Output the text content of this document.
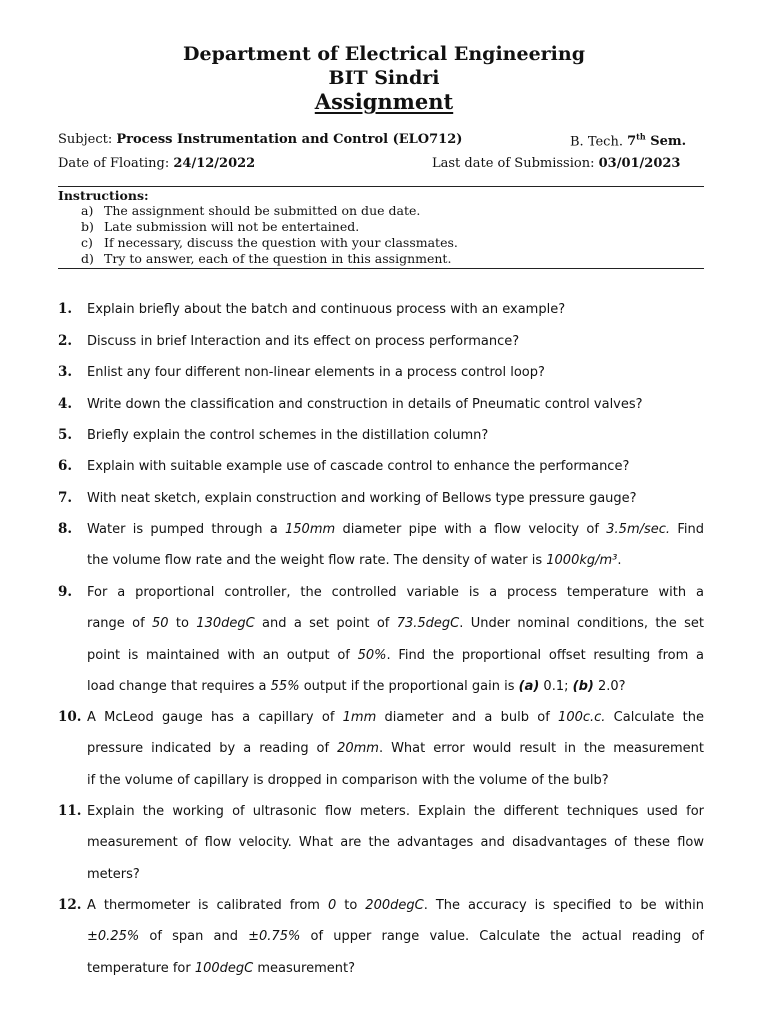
Department of Electrical Engineering
BIT Sindri
Assignment
Subject: Process Instrumentation and Control (ELO712)	B. Tech. 7th Sem.
Date of Floating: 24/12/2022	Last date of Submission: 03/01/2023
Instructions:
a) The assignment should be submitted on due date.
b) Late submission will not be entertained.
c) If necessary, discuss the question with your classmates.
d) Try to answer, each of the question in this assignment.
1. Explain briefly about the batch and continuous process with an example?
2. Discuss in brief Interaction and its effect on process performance?
3. Enlist any four different non-linear elements in a process control loop?
4. Write down the classification and construction in details of Pneumatic control valves?
5. Briefly explain the control schemes in the distillation column?
6. Explain with suitable example use of cascade control to enhance the performance?
7. With neat sketch, explain construction and working of Bellows type pressure gauge?
8. Water is pumped through a 150mm diameter pipe with a flow velocity of 3.5m/sec. Find
the volume flow rate and the weight flow rate. The density of water is 1000kg/m³.
9. For a proportional controller, the controlled variable is a process temperature with a
range of 50 to 130degC and a set point of 73.5degC. Under nominal conditions, the set
point is maintained with an output of 50%. Find the proportional offset resulting from a
load change that requires a 55% output if the proportional gain is (a) 0.1; (b) 2.0?
10. A McLeod gauge has a capillary of 1mm diameter and a bulb of 100c.c. Calculate the
pressure indicated by a reading of 20mm. What error would result in the measurement
if the volume of capillary is dropped in comparison with the volume of the bulb?
11. Explain the working of ultrasonic flow meters. Explain the different techniques used for
measurement of flow velocity. What are the advantages and disadvantages of these flow
meters?
12. A thermometer is calibrated from 0 to 200degC. The accuracy is specified to be within
±0.25% of span and ±0.75% of upper range value. Calculate the actual reading of
temperature for 100degC measurement?
